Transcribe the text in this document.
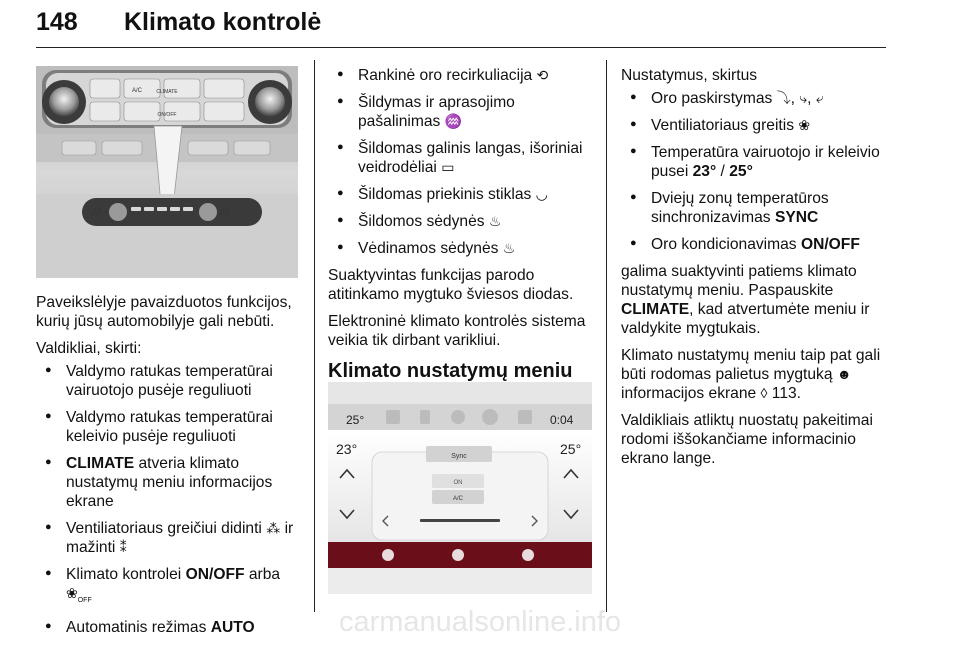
148 Klimato kontrolė
CLIMATE
ON/OFF
A/C
22	20

Paveikslėlyje pavaizduotos funkcijos, kurių jūsų automobilyje gali nebūti.

Valdikliai, skirti:

● Valdymo ratukas temperatūrai vairuotojo pusėje reguliuoti
● Valdymo ratukas temperatūrai keleivio pusėje reguliuoti
● CLIMATE atveria klimato nustatymų meniu informacijos ekrane
● Ventiliatoriaus greičiui didinti ⁂ ir mažinti ⁑
● Klimato kontrolei ON/OFF arba $❀_{OFF}$
● Automatinis režimas AUTO
● Rankinė oro recirkuliacija ⟲
● Šildymas ir aprasojimo pašalinimas ♒
● Šildomas galinis langas, išoriniai veidrodėliai ▭
● Šildomas priekinis stiklas ◡
● Šildomos sėdynės ♨
● Vėdinamos sėdynės ♨

Suaktyvintas funkcijas parodo atitinkamo mygtuko šviesos diodas.

Elektroninė klimato kontrolės sistema veikia tik dirbant varikliui.

Klimato nustatymų meniu
25°	0:04
23°	25°
Sync
ON
A/C

Nustatymus, skirtus

● Oro paskirstymas ⤵, ⤷, ⤶
● Ventiliatoriaus greitis ❀
● Temperatūra vairuotojo ir keleivio pusei 23° / 25°
● Dviejų zonų temperatūros sinchronizavimas SYNC
● Oro kondicionavimas ON/OFF

galima suaktyvinti patiems klimato nustatymų meniu. Paspauskite CLIMATE, kad atvertumėte meniu ir valdykite mygtukais.

Klimato nustatymų meniu taip pat gali būti rodomas palietus mygtuką ☻ informacijos ekrane ◊ 113.

Valdikliais atliktų nuostatų pakeitimai rodomi iššokančiame informacinio ekrano lange.

carmanualsonline.info
